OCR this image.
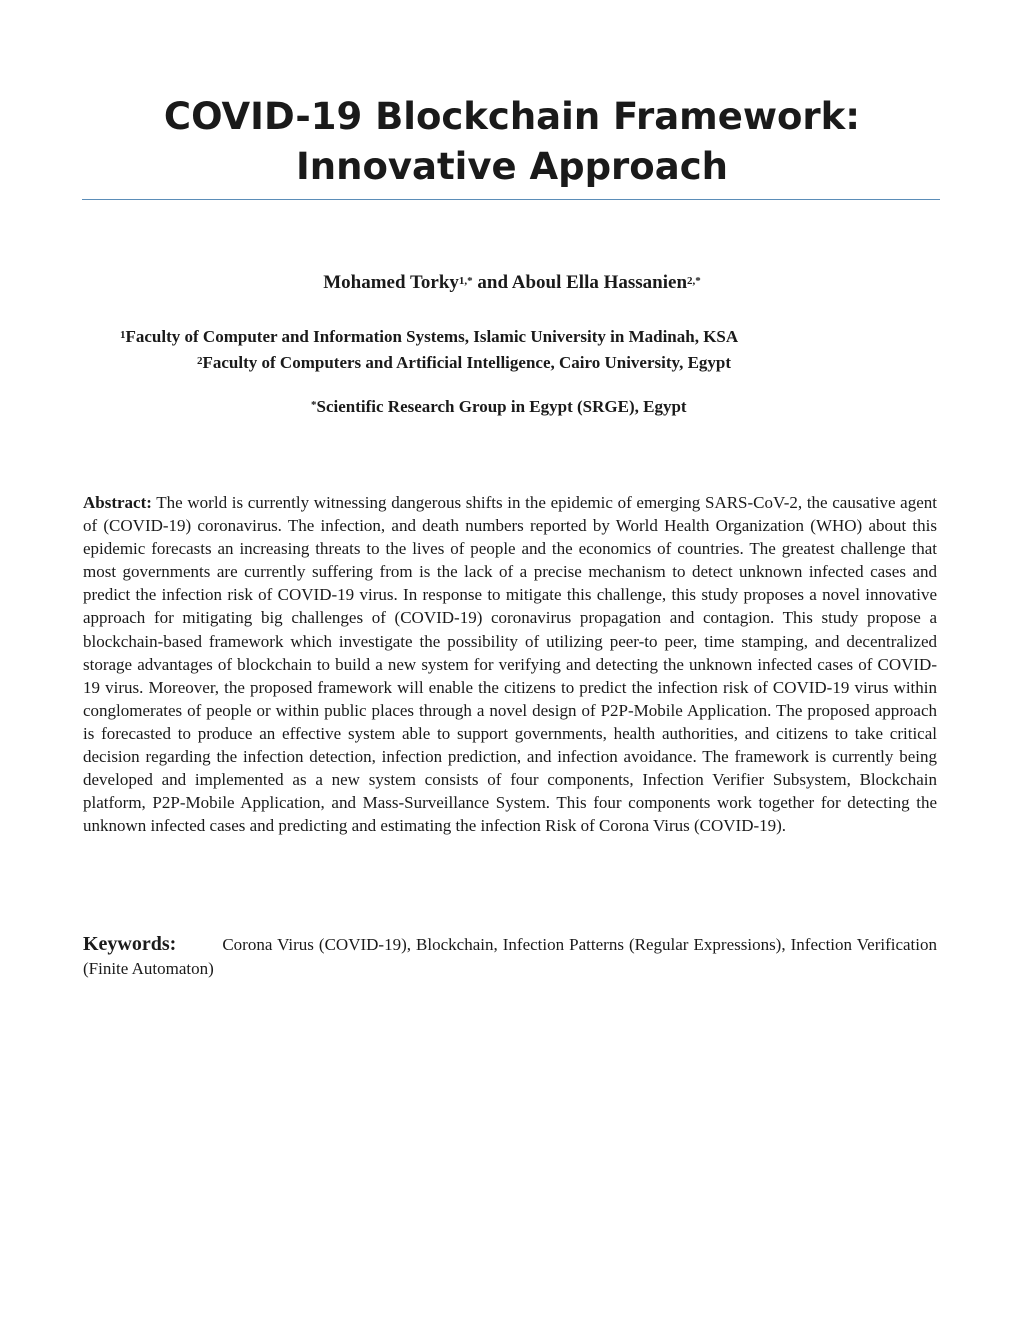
COVID-19 Blockchain Framework:
Innovative Approach
Mohamed Torky$^{1,*}$ and Aboul Ella Hassanien$^{2,*}$
$^1$Faculty of Computer and Information Systems, Islamic University in Madinah, KSA
$^2$Faculty of Computers and Artificial Intelligence, Cairo University, Egypt
*Scientific Research Group in Egypt (SRGE), Egypt
Abstract: The world is currently witnessing dangerous shifts in the epidemic of emerging SARS-CoV-2, the causative agent of (COVID-19) coronavirus. The infection, and death numbers reported by World Health Organization (WHO) about this epidemic forecasts an increasing threats to the lives of people and the economics of countries. The greatest challenge that most governments are currently suffering from is the lack of a precise mechanism to detect unknown infected cases and predict the infection risk of COVID-19 virus. In response to mitigate this challenge, this study proposes a novel innovative approach for mitigating big challenges of (COVID-19) coronavirus propagation and contagion. This study propose a blockchain-based framework which investigate the possibility of utilizing peer-to peer, time stamping, and decentralized storage advantages of blockchain to build a new system for verifying and detecting the unknown infected cases of COVID-19 virus. Moreover, the proposed framework will enable the citizens to predict the infection risk of COVID-19 virus within conglomerates of people or within public places through a novel design of P2P-Mobile Application. The proposed approach is forecasted to produce an effective system able to support governments, health authorities, and citizens to take critical decision regarding the infection detection, infection prediction, and infection avoidance. The framework is currently being developed and implemented as a new system consists of four components, Infection Verifier Subsystem, Blockchain platform, P2P-Mobile Application, and Mass-Surveillance System. This four components work together for detecting the unknown infected cases and predicting and estimating the infection Risk of Corona Virus (COVID-19).
Keywords:	Corona Virus (COVID-19), Blockchain, Infection Patterns (Regular Expressions), Infection Verification (Finite Automaton)
